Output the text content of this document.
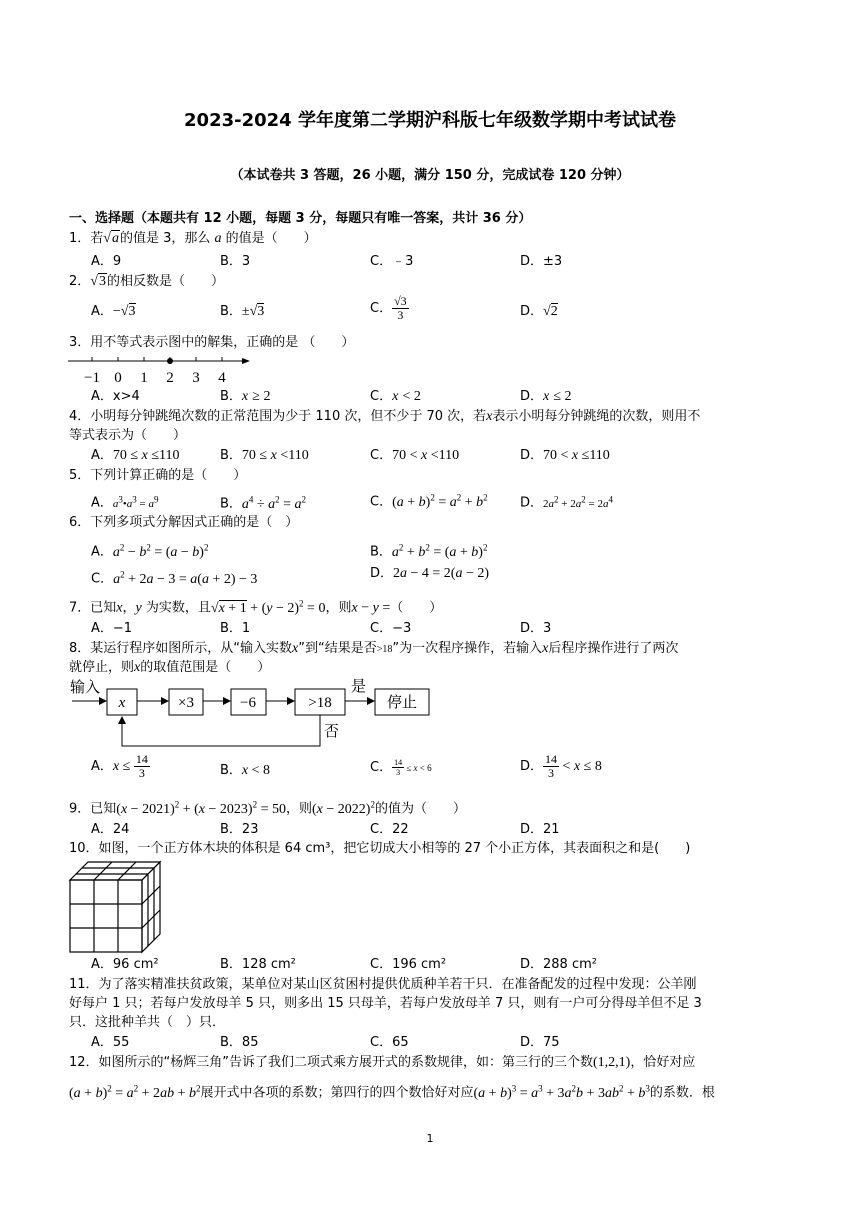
2023-2024 学年度第二学期沪科版七年级数学期中考试试卷
（本试卷共 3 答题，26 小题，满分 150 分，完成试卷 120 分钟）
一、选择题（本题共有 12 小题，每题 3 分，每题只有唯一答案，共计 36 分）
1．若√a的值是 3，那么 a 的值是（　　）
A．9	B．3	C．﹣3	D．±3
2．√3的相反数是（　　）
A．−√3	B．±√3	C． $\frac{√3}{3}$	D．√2
3．用不等式表示图中的解集，正确的是 （　　）
−1 0 1 2 3 4
A．x>4	B．x ≥ 2	C．x < 2	D．x ≤ 2
4．小明每分钟跳绳次数的正常范围为少于 110 次，但不少于 70 次，若x表示小明每分钟跳绳的次数，则用不
等式表示为（　　）
A．70 ≤ x ≤110	B．70 ≤ x <110	C．70 < x <110	D．70 < x ≤110
5．下列计算正确的是（　　）
A．$a^3•a^3 = a^9$	B．$a^4 \div a^2 = a^2$	C．$(a + b)^2 = a^2 + b^2$ D．$2a^2 + 2a^2 = 2a^4$
6．下列多项式分解因式正确的是（　）
A．$a^2 - b^2 = (a - b)^2$	B．$a^2 + b^2 = (a + b)^2$
C．$a^2 + 2a - 3 = a(a + 2) - 3$	D．2a − 4 = 2(a − 2)
7．已知x，y 为实数，且$√x + 1 + (y - 2)^2 = 0$，则x − y =（　　）
A．−1	B．1	C．−3	D．3
8．某运行程序如图所示，从“输入实数x”到“结果是否>18”为一次程序操作，若输入x后程序操作进行了两次
就停止，则x的取值范围是（　　）
输入
x	×3	−6	>18
是
停止
否
A．$x \le \frac{14}{3}$	B．x < 8	C． $\frac{14}{3} \le x < 6$	D． $\frac{14}{3} < x \le 8$
9．已知$(x - 2021)^2 + (x - 2023)^2 = 50$，则$(x - 2022)^2$的值为（　　）
A．24	B．23	C．22	D．21
10．如图，一个正方体木块的体积是 64 cm³，把它切成大小相等的 27 个小正方体，其表面积之和是(　　)
A．96 cm²	B．128 cm²	C．196 cm²	D．288 cm²
11．为了落实精准扶贫政策，某单位对某山区贫困村提供优质种羊若干只．在准备配发的过程中发现：公羊刚
好每户 1 只；若每户发放母羊 5 只，则多出 15 只母羊，若每户发放母羊 7 只，则有一户可分得母羊但不足 3
只．这批种羊共（　）只．
A．55	B．85	C．65	D．75
12．如图所示的“杨辉三角”告诉了我们二项式乘方展开式的系数规律，如：第三行的三个数(1,2,1)，恰好对应
$(a + b)^2 = a^2 + 2ab + b^2$展开式中各项的系数；第四行的四个数恰好对应$(a + b)^3 = a^3 + 3a^2b + 3ab^2 + b^3$的系数．根
1
